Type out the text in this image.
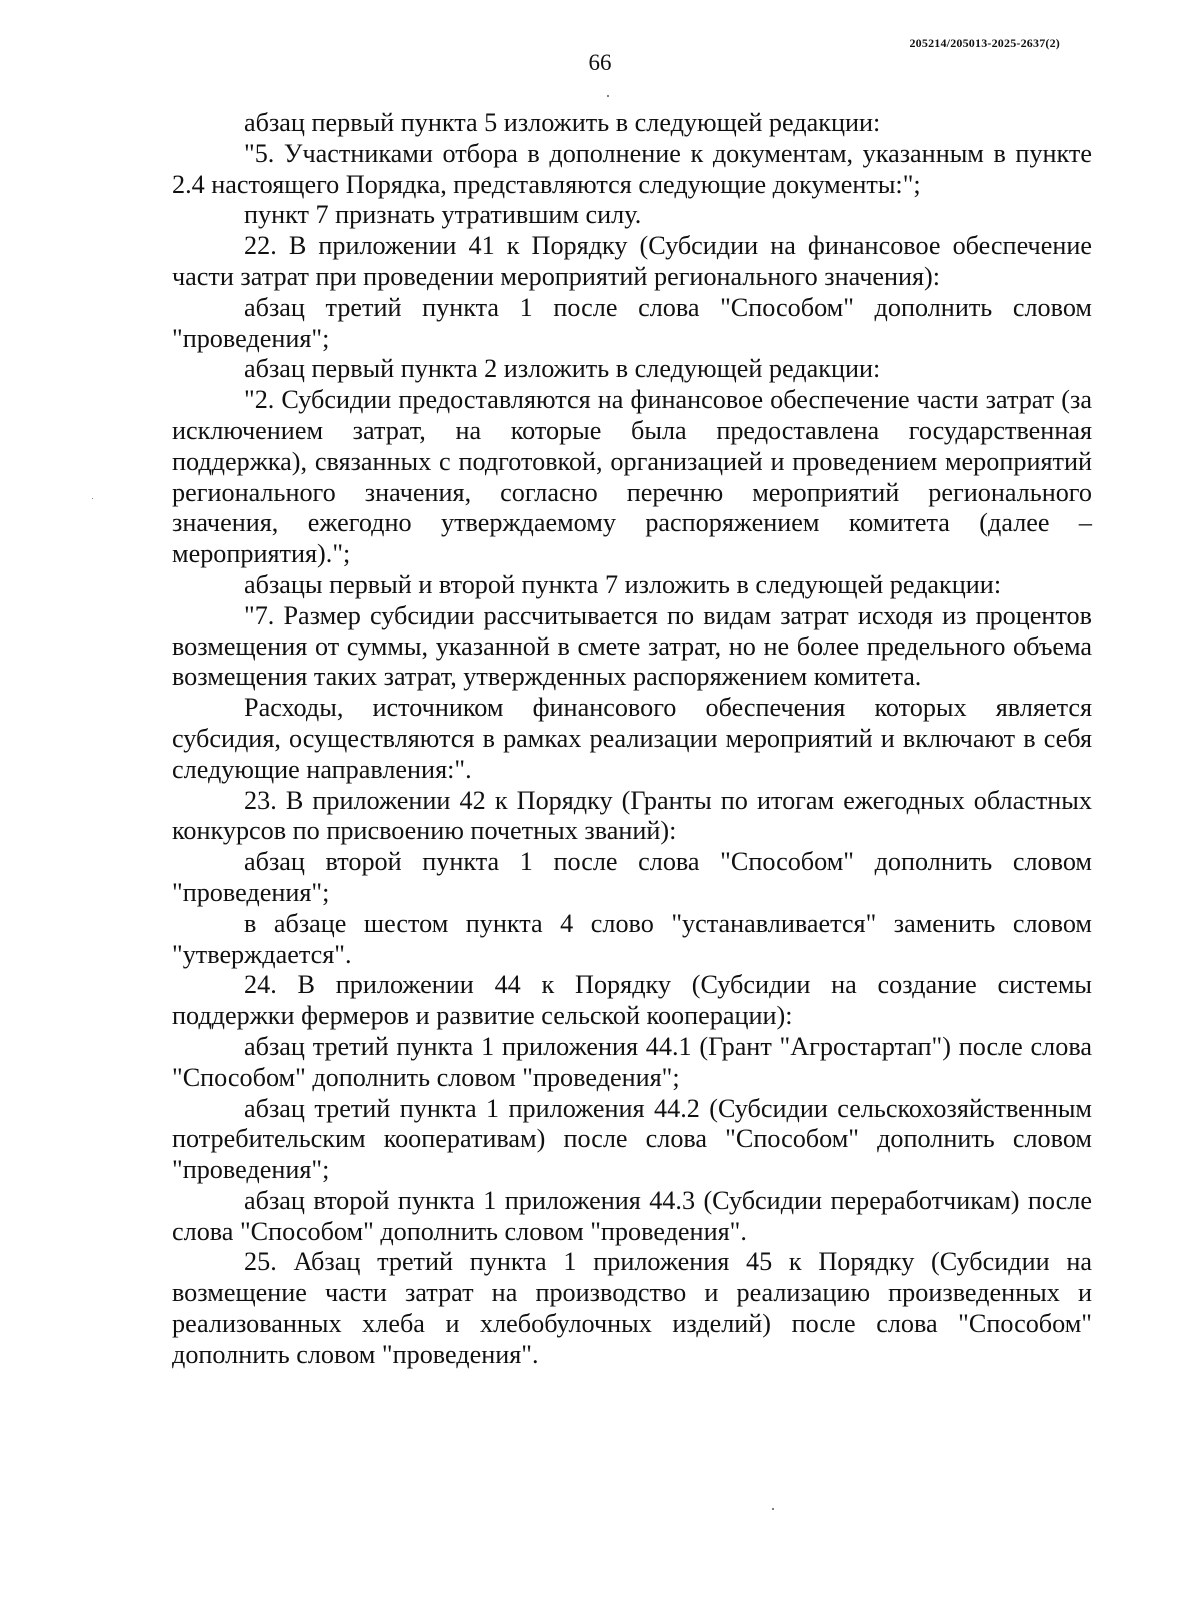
205214/205013-2025-2637(2)
66

абзац первый пункта 5 изложить в следующей редакции:

"5. Участниками отбора в дополнение к документам, указанным в пункте 2.4 настоящего Порядка, представляются следующие документы:";

пункт 7 признать утратившим силу.

22. В приложении 41 к Порядку (Субсидии на финансовое обеспечение части затрат при проведении мероприятий регионального значения):

абзац третий пункта 1 после слова "Способом" дополнить словом "проведения";

абзац первый пункта 2 изложить в следующей редакции:

"2. Субсидии предоставляются на финансовое обеспечение части затрат (за исключением затрат, на которые была предоставлена государственная поддержка), связанных с подготовкой, организацией и проведением мероприятий регионального значения, согласно перечню мероприятий регионального значения, ежегодно утверждаемому распоряжением комитета (далее – мероприятия).";

абзацы первый и второй пункта 7 изложить в следующей редакции:

"7. Размер субсидии рассчитывается по видам затрат исходя из процентов возмещения от суммы, указанной в смете затрат, но не более предельного объема возмещения таких затрат, утвержденных распоряжением комитета.

Расходы, источником финансового обеспечения которых является субсидия, осуществляются в рамках реализации мероприятий и включают в себя следующие направления:".

23. В приложении 42 к Порядку (Гранты по итогам ежегодных областных конкурсов по присвоению почетных званий):

абзац второй пункта 1 после слова "Способом" дополнить словом "проведения";

в абзаце шестом пункта 4 слово "устанавливается" заменить словом "утверждается".

24. В приложении 44 к Порядку (Субсидии на создание системы поддержки фермеров и развитие сельской кооперации):

абзац третий пункта 1 приложения 44.1 (Грант "Агростартап") после слова "Способом" дополнить словом "проведения";

абзац третий пункта 1 приложения 44.2 (Субсидии сельскохозяйственным потребительским кооперативам) после слова "Способом" дополнить словом "проведения";

абзац второй пункта 1 приложения 44.3 (Субсидии переработчикам) после слова "Способом" дополнить словом "проведения".

25. Абзац третий пункта 1 приложения 45 к Порядку (Субсидии на возмещение части затрат на производство и реализацию произведенных и реализованных хлеба и хлебобулочных изделий) после слова "Способом" дополнить словом "проведения".
